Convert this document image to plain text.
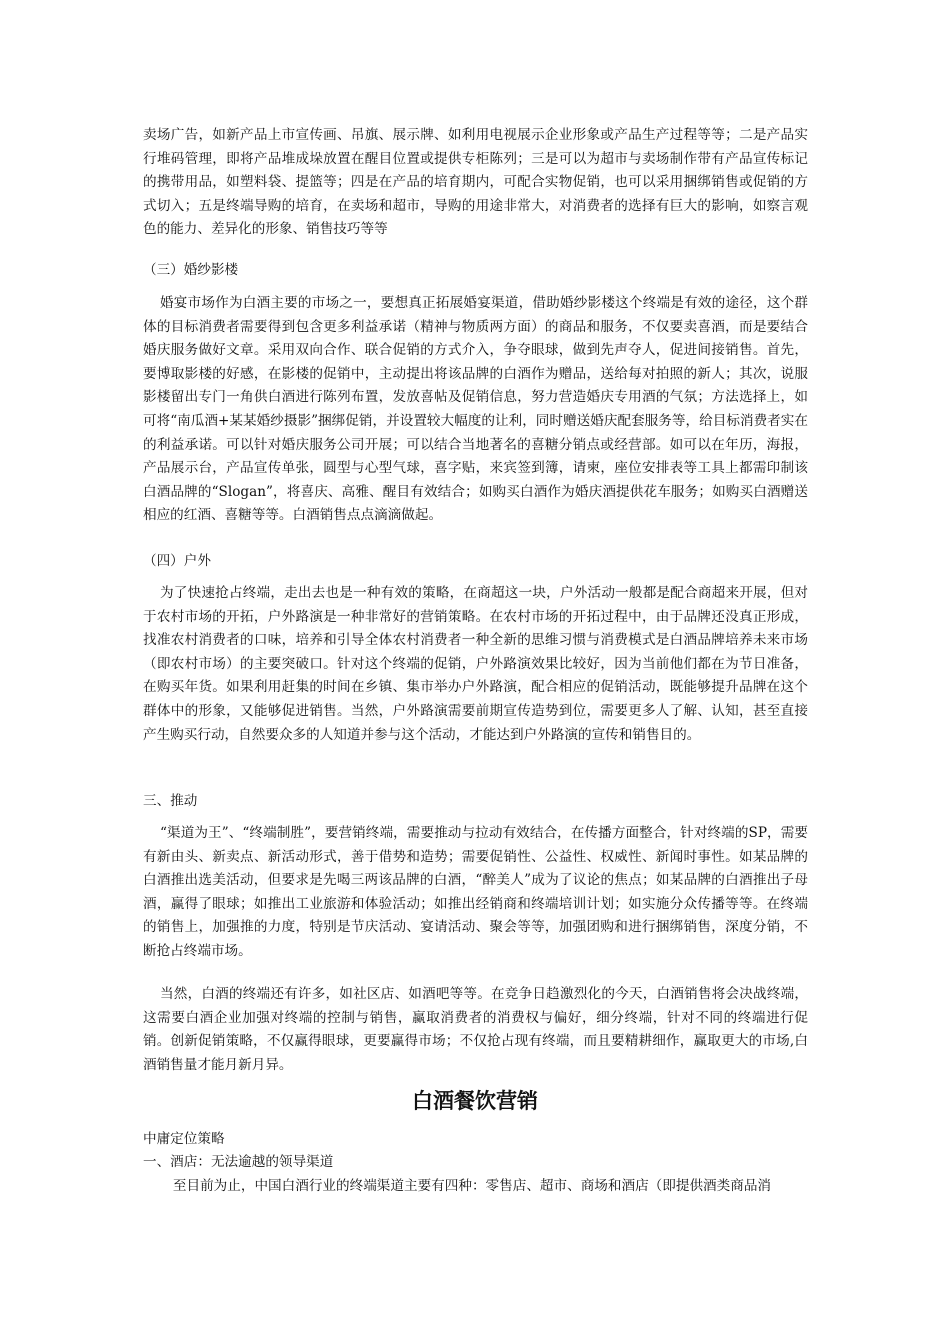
卖场广告，如新产品上市宣传画、吊旗、展示牌、如利用电视展示企业形象或产品生产过程等等；二是产品实行堆码管理，即将产品堆成垛放置在醒目位置或提供专柜陈列；三是可以为超市与卖场制作带有产品宣传标记的携带用品，如塑料袋、提篮等；四是在产品的培育期内，可配合实物促销，也可以采用捆绑销售或促销的方式切入；五是终端导购的培育，在卖场和超市，导购的用途非常大，对消费者的选择有巨大的影响，如察言观色的能力、差异化的形象、销售技巧等等

（三）婚纱影楼

婚宴市场作为白酒主要的市场之一，要想真正拓展婚宴渠道，借助婚纱影楼这个终端是有效的途径，这个群体的目标消费者需要得到包含更多利益承诺（精神与物质两方面）的商品和服务，不仅要卖喜酒，而是要结合婚庆服务做好文章。采用双向合作、联合促销的方式介入，争夺眼球，做到先声夺人，促进间接销售。首先，要博取影楼的好感，在影楼的促销中，主动提出将该品牌的白酒作为赠品，送给每对拍照的新人；其次，说服影楼留出专门一角供白酒进行陈列布置，发放喜帖及促销信息，努力营造婚庆专用酒的气氛；方法选择上，如可将“南瓜酒+某某婚纱摄影”捆绑促销，并设置较大幅度的让利，同时赠送婚庆配套服务等，给目标消费者实在的利益承诺。可以针对婚庆服务公司开展；可以结合当地著名的喜糖分销点或经营部。如可以在年历，海报，产品展示台，产品宣传单张，圆型与心型气球，喜字贴，来宾签到簿，请柬，座位安排表等工具上都需印制该白酒品牌的“Slogan”，将喜庆、高雅、醒目有效结合；如购买白酒作为婚庆酒提供花车服务；如购买白酒赠送相应的红酒、喜糖等等。白酒销售点点滴滴做起。

（四）户外

为了快速抢占终端，走出去也是一种有效的策略，在商超这一块，户外活动一般都是配合商超来开展，但对于农村市场的开拓，户外路演是一种非常好的营销策略。在农村市场的开拓过程中，由于品牌还没真正形成，找准农村消费者的口味，培养和引导全体农村消费者一种全新的思维习惯与消费模式是白酒品牌培养未来市场（即农村市场）的主要突破口。针对这个终端的促销，户外路演效果比较好，因为当前他们都在为节日准备，在购买年货。如果利用赶集的时间在乡镇、集市举办户外路演，配合相应的促销活动，既能够提升品牌在这个群体中的形象，又能够促进销售。当然，户外路演需要前期宣传造势到位，需要更多人了解、认知，甚至直接产生购买行动，自然要众多的人知道并参与这个活动，才能达到户外路演的宣传和销售目的。

三、推动

“渠道为王”、“终端制胜”，要营销终端，需要推动与拉动有效结合，在传播方面整合，针对终端的SP，需要有新由头、新卖点、新活动形式，善于借势和造势；需要促销性、公益性、权威性、新闻时事性。如某品牌的白酒推出选美活动，但要求是先喝三两该品牌的白酒，“醉美人”成为了议论的焦点；如某品牌的白酒推出子母酒，赢得了眼球；如推出工业旅游和体验活动；如推出经销商和终端培训计划；如实施分众传播等等。在终端的销售上，加强推的力度，特别是节庆活动、宴请活动、聚会等等，加强团购和进行捆绑销售，深度分销，不断抢占终端市场。

当然，白酒的终端还有许多，如社区店、如酒吧等等。在竞争日趋激烈化的今天，白酒销售将会决战终端，这需要白酒企业加强对终端的控制与销售，赢取消费者的消费权与偏好，细分终端，针对不同的终端进行促销。创新促销策略，不仅赢得眼球，更要赢得市场；不仅抢占现有终端，而且要精耕细作，赢取更大的市场,白酒销售量才能月新月异。

白酒餐饮营销

中庸定位策略

一、酒店：无法逾越的领导渠道

至目前为止，中国白酒行业的终端渠道主要有四种：零售店、超市、商场和酒店（即提供酒类商品消
